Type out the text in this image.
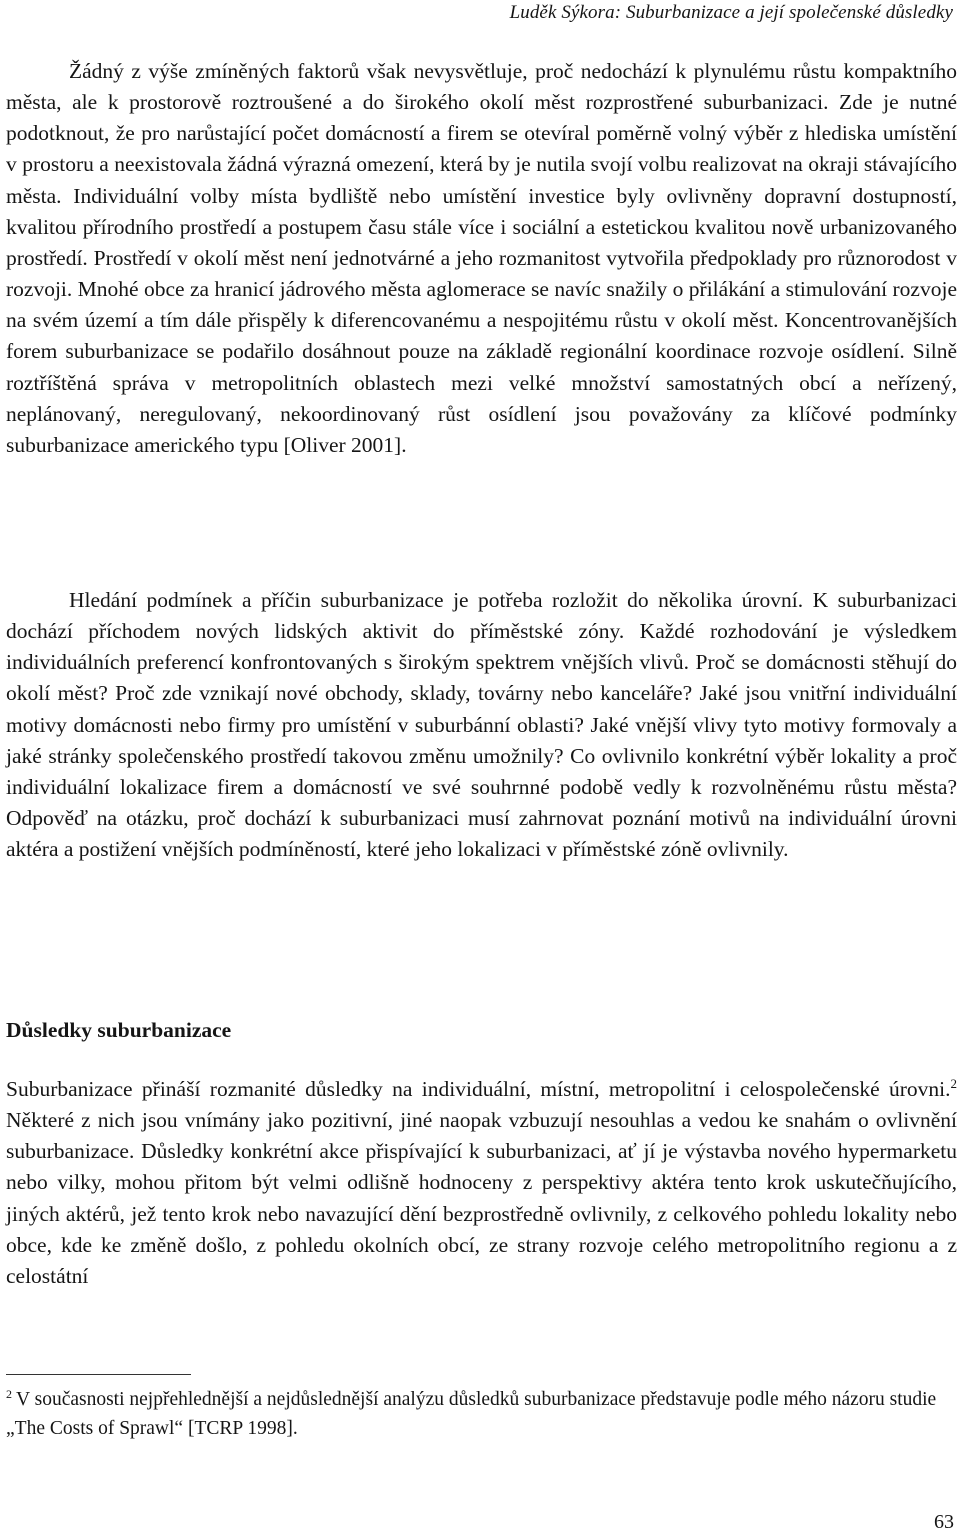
Luděk Sýkora: Suburbanizace a její společenské důsledky

Žádný z výše zmíněných faktorů však nevysvětluje, proč nedochází k plynulému růstu kompaktního města, ale k prostorově roztroušené a do širokého okolí měst rozprostřené suburbanizaci. Zde je nutné podotknout, že pro narůstající počet domácností a firem se otevíral poměrně volný výběr z hlediska umístění v prostoru a neexistovala žádná výrazná omezení, která by je nutila svojí volbu realizovat na okraji stávajícího města. Individuální volby místa bydliště nebo umístění investice byly ovlivněny dopravní dostupností, kvalitou přírodního prostředí a postupem času stále více i sociální a estetickou kvalitou nově urbanizovaného prostředí. Prostředí v okolí měst není jednotvárné a jeho rozmanitost vytvořila předpoklady pro různorodost v rozvoji. Mnohé obce za hranicí jádrového města aglomerace se navíc snažily o přilákání a stimulování rozvoje na svém území a tím dále přispěly k diferencovanému a nespojitému růstu v okolí měst. Koncentrovanějších forem suburbanizace se podařilo dosáhnout pouze na základě regionální koordinace rozvoje osídlení. Silně roztříštěná správa v metropolitních oblastech mezi velké množství samostatných obcí a neřízený, neplánovaný, neregulovaný, nekoordinovaný růst osídlení jsou považovány za klíčové podmínky suburbanizace amerického typu [Oliver 2001].

Hledání podmínek a příčin suburbanizace je potřeba rozložit do několika úrovní. K suburbanizaci dochází příchodem nových lidských aktivit do příměstské zóny. Každé rozhodování je výsledkem individuálních preferencí konfrontovaných s širokým spektrem vnějších vlivů. Proč se domácnosti stěhují do okolí měst? Proč zde vznikají nové obchody, sklady, továrny nebo kanceláře? Jaké jsou vnitřní individuální motivy domácnosti nebo firmy pro umístění v suburbánní oblasti? Jaké vnější vlivy tyto motivy formovaly a jaké stránky společenského prostředí takovou změnu umožnily? Co ovlivnilo konkrétní výběr lokality a proč individuální lokalizace firem a domácností ve své souhrnné podobě vedly k rozvolněnému růstu města? Odpověď na otázku, proč dochází k suburbanizaci musí zahrnovat poznání motivů na individuální úrovni aktéra a postižení vnějších podmíněností, které jeho lokalizaci v příměstské zóně ovlivnily.

Důsledky suburbanizace

Suburbanizace přináší rozmanité důsledky na individuální, místní, metropolitní i celospolečenské úrovni.$^2$ Některé z nich jsou vnímány jako pozitivní, jiné naopak vzbuzují nesouhlas a vedou ke snahám o ovlivnění suburbanizace. Důsledky konkrétní akce přispívající k suburbanizaci, ať jí je výstavba nového hypermarketu nebo vilky, mohou přitom být velmi odlišně hodnoceny z perspektivy aktéra tento krok uskutečňujícího, jiných aktérů, jež tento krok nebo navazující dění bezprostředně ovlivnily, z celkového pohledu lokality nebo obce, kde ke změně došlo, z pohledu okolních obcí, ze strany rozvoje celého metropolitního regionu a z celostátní

$^2$ V současnosti nejpřehlednější a nejdůslednější analýzu důsledků suburbanizace představuje podle mého názoru studie „The Costs of Sprawl“ [TCRP 1998].

63
